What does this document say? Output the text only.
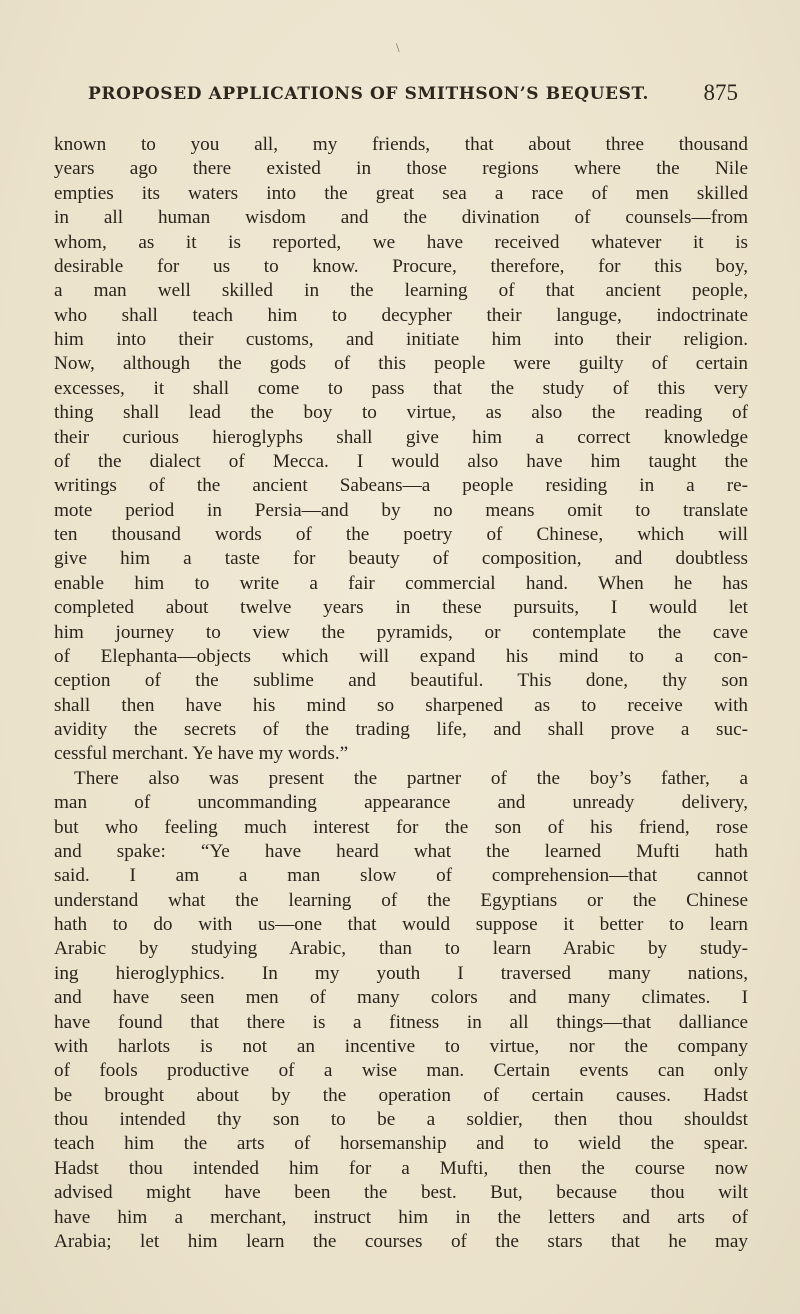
\
PROPOSED APPLICATIONS OF SMITHSON’S BEQUEST. 875
known to you all, my friends, that about three thousand
years ago there existed in those regions where the Nile
empties its waters into the great sea a race of men skilled
in all human wisdom and the divination of counsels—from
whom, as it is reported, we have received whatever it is
desirable for us to know. Procure, therefore, for this boy,
a man well skilled in the learning of that ancient people,
who shall teach him to decypher their languge, indoctrinate
him into their customs, and initiate him into their religion.
Now, although the gods of this people were guilty of certain
excesses, it shall come to pass that the study of this very
thing shall lead the boy to virtue, as also the reading of
their curious hieroglyphs shall give him a correct knowledge
of the dialect of Mecca. I would also have him taught the
writings of the ancient Sabeans—a people residing in a re-
mote period in Persia—and by no means omit to translate
ten thousand words of the poetry of Chinese, which will
give him a taste for beauty of composition, and doubtless
enable him to write a fair commercial hand. When he has
completed about twelve years in these pursuits, I would let
him journey to view the pyramids, or contemplate the cave
of Elephanta—objects which will expand his mind to a con-
ception of the sublime and beautiful. This done, thy son
shall then have his mind so sharpened as to receive with
avidity the secrets of the trading life, and shall prove a suc-
cessful merchant. Ye have my words.”
There also was present the partner of the boy’s father, a
man of uncommanding appearance and unready delivery,
but who feeling much interest for the son of his friend, rose
and spake: “Ye have heard what the learned Mufti hath
said. I am a man slow of comprehension—that cannot
understand what the learning of the Egyptians or the Chinese
hath to do with us—one that would suppose it better to learn
Arabic by studying Arabic, than to learn Arabic by study-
ing hieroglyphics. In my youth I traversed many nations,
and have seen men of many colors and many climates. I
have found that there is a fitness in all things—that dalliance
with harlots is not an incentive to virtue, nor the company
of fools productive of a wise man. Certain events can only
be brought about by the operation of certain causes. Hadst
thou intended thy son to be a soldier, then thou shouldst
teach him the arts of horsemanship and to wield the spear.
Hadst thou intended him for a Mufti, then the course now
advised might have been the best. But, because thou wilt
have him a merchant, instruct him in the letters and arts of
Arabia; let him learn the courses of the stars that he may
